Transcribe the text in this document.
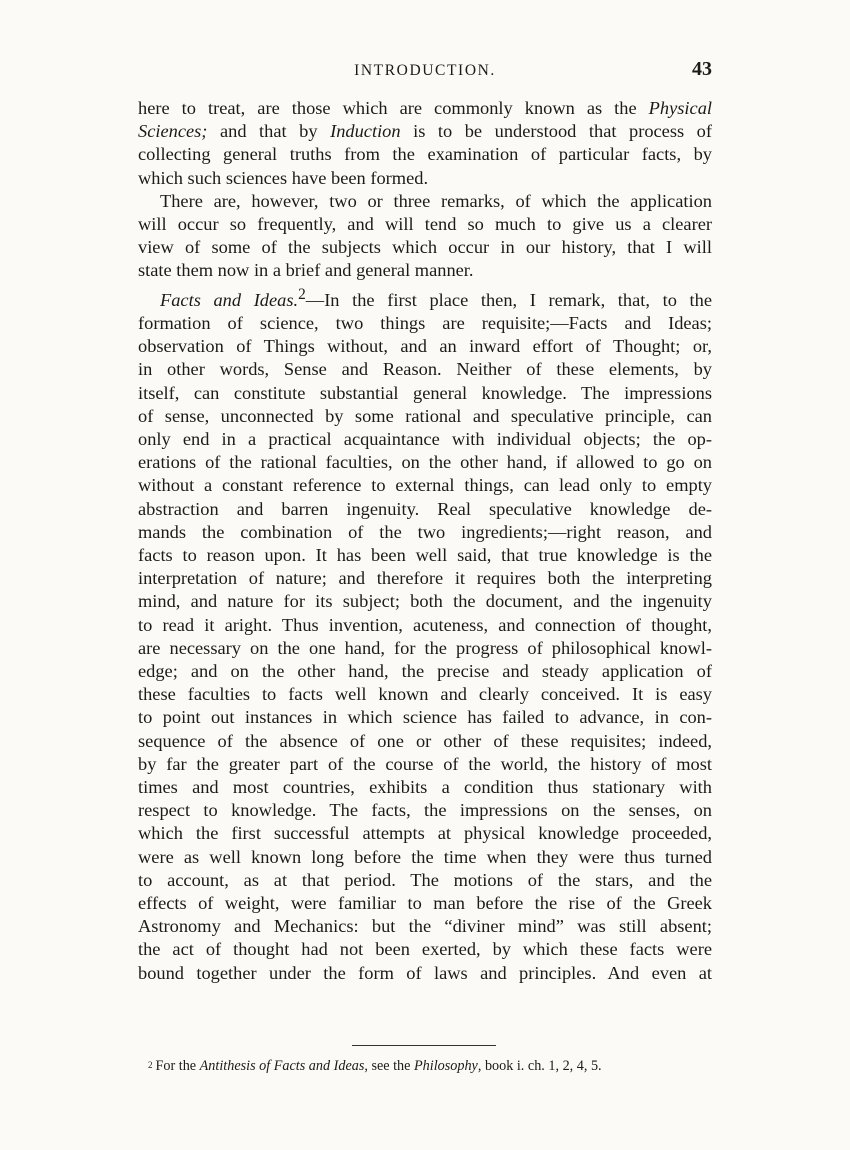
INTRODUCTION.	43
here to treat, are those which are commonly known as the Physical
Sciences; and that by Induction is to be understood that process of
collecting general truths from the examination of particular facts, by
which such sciences have been formed.
There are, however, two or three remarks, of which the application
will occur so frequently, and will tend so much to give us a clearer
view of some of the subjects which occur in our history, that I will
state them now in a brief and general manner.
Facts and Ideas.$^2$—In the first place then, I remark, that, to the
formation of science, two things are requisite;—Facts and Ideas;
observation of Things without, and an inward effort of Thought; or,
in other words, Sense and Reason. Neither of these elements, by
itself, can constitute substantial general knowledge. The impressions
of sense, unconnected by some rational and speculative principle, can
only end in a practical acquaintance with individual objects; the op-
erations of the rational faculties, on the other hand, if allowed to go on
without a constant reference to external things, can lead only to empty
abstraction and barren ingenuity. Real speculative knowledge de-
mands the combination of the two ingredients;—right reason, and
facts to reason upon. It has been well said, that true knowledge is the
interpretation of nature; and therefore it requires both the interpreting
mind, and nature for its subject; both the document, and the ingenuity
to read it aright. Thus invention, acuteness, and connection of thought,
are necessary on the one hand, for the progress of philosophical knowl-
edge; and on the other hand, the precise and steady application of
these faculties to facts well known and clearly conceived. It is easy
to point out instances in which science has failed to advance, in con-
sequence of the absence of one or other of these requisites; indeed,
by far the greater part of the course of the world, the history of most
times and most countries, exhibits a condition thus stationary with
respect to knowledge. The facts, the impressions on the senses, on
which the first successful attempts at physical knowledge proceeded,
were as well known long before the time when they were thus turned
to account, as at that period. The motions of the stars, and the
effects of weight, were familiar to man before the rise of the Greek
Astronomy and Mechanics: but the “diviner mind” was still absent;
the act of thought had not been exerted, by which these facts were
bound together under the form of laws and principles. And even at
$^2$ For the Antithesis of Facts and Ideas, see the Philosophy, book i. ch. 1, 2, 4, 5.
